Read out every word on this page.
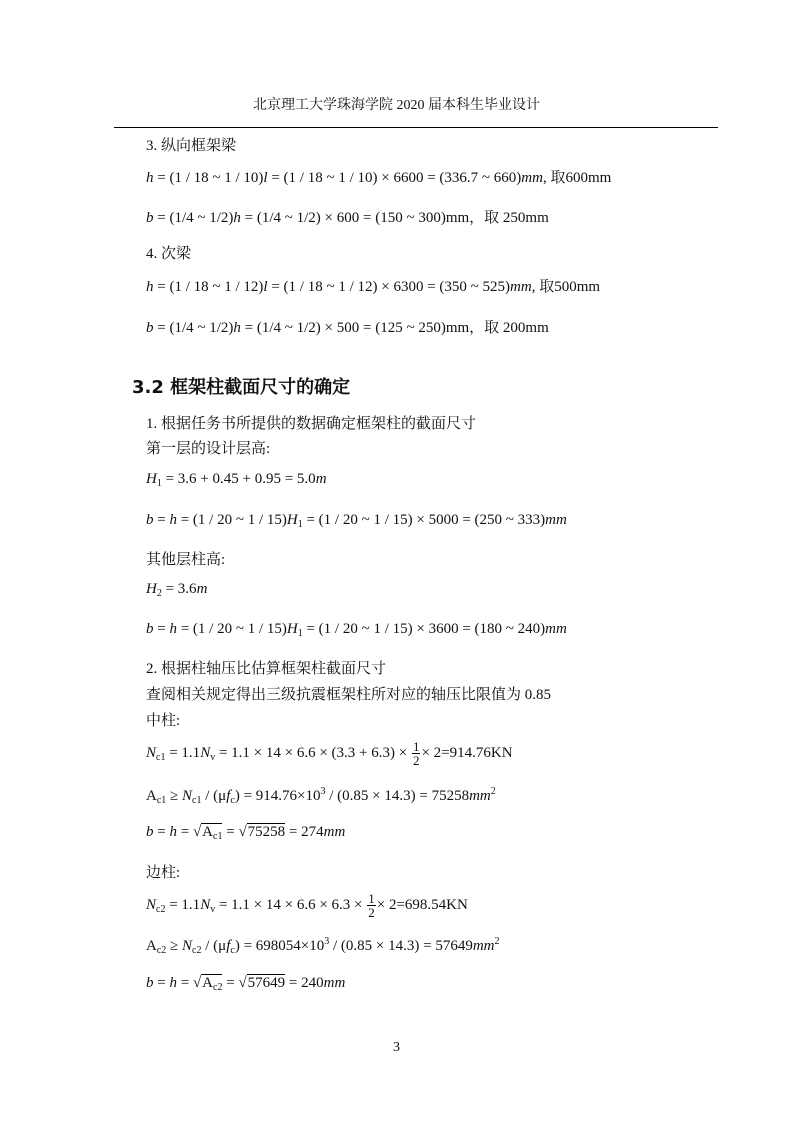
北京理工大学珠海学院 2020 届本科生毕业设计
3. 纵向框架梁
h = (1 / 18 ~ 1 / 10)l = (1 / 18 ~ 1 / 10) × 6600 = (336.7 ~ 660)mm, 取600mm
b = (1/4 ~ 1/2)h = (1/4 ~ 1/2) × 600 = (150 ~ 300)mm，取 250mm
4. 次梁
h = (1 / 18 ~ 1 / 12)l = (1 / 18 ~ 1 / 12) × 6300 = (350 ~ 525)mm, 取500mm
b = (1/4 ~ 1/2)h = (1/4 ~ 1/2) × 500 = (125 ~ 250)mm，取 200mm
3.2 框架柱截面尺寸的确定
1. 根据任务书所提供的数据确定框架柱的截面尺寸
第一层的设计层高:
$H_1 = 3.6 + 0.45 + 0.95 = 5.0m$
b = h = (1 / 20 ~ $1 / 15)H_1 = (1 / 20$ ~ 1 / 15) × 5000 = (250 ~ 333)mm
其他层柱高:
$H_2 = 3.6m$
b = h = (1 / 20 ~ $1 / 15)H_1 = (1 / 20$ ~ 1 / 15) × 3600 = (180 ~ 240)mm
2. 根据柱轴压比估算框架柱截面尺寸
查阅相关规定得出三级抗震框架柱所对应的轴压比限值为 0.85
中柱:
$N_{c1} = 1.1N_v = 1.1 \times 14 \times 6.6 \times (3.3 + 6.3) \times \frac{1}{2} \times 2=914.76KN$
$A_{c1} \ge N_{c1} / (\mu f_c) = 914.76\times 10^3 / (0.85 \times 14.3) = 75258mm^2$
$b = h = √A_{c1} = √75258 = 274mm$
边柱:
$N_{c2} = 1.1N_v = 1.1 \times 14 \times 6.6 \times 6.3 \times \frac{1}{2} \times 2=698.54KN$
$A_{c2} \ge N_{c2} / (\mu f_c) = 698054\times 10^3 / (0.85 \times 14.3) = 57649mm^2$
$b = h = √A_{c2} = √57649 = 240mm$
3
